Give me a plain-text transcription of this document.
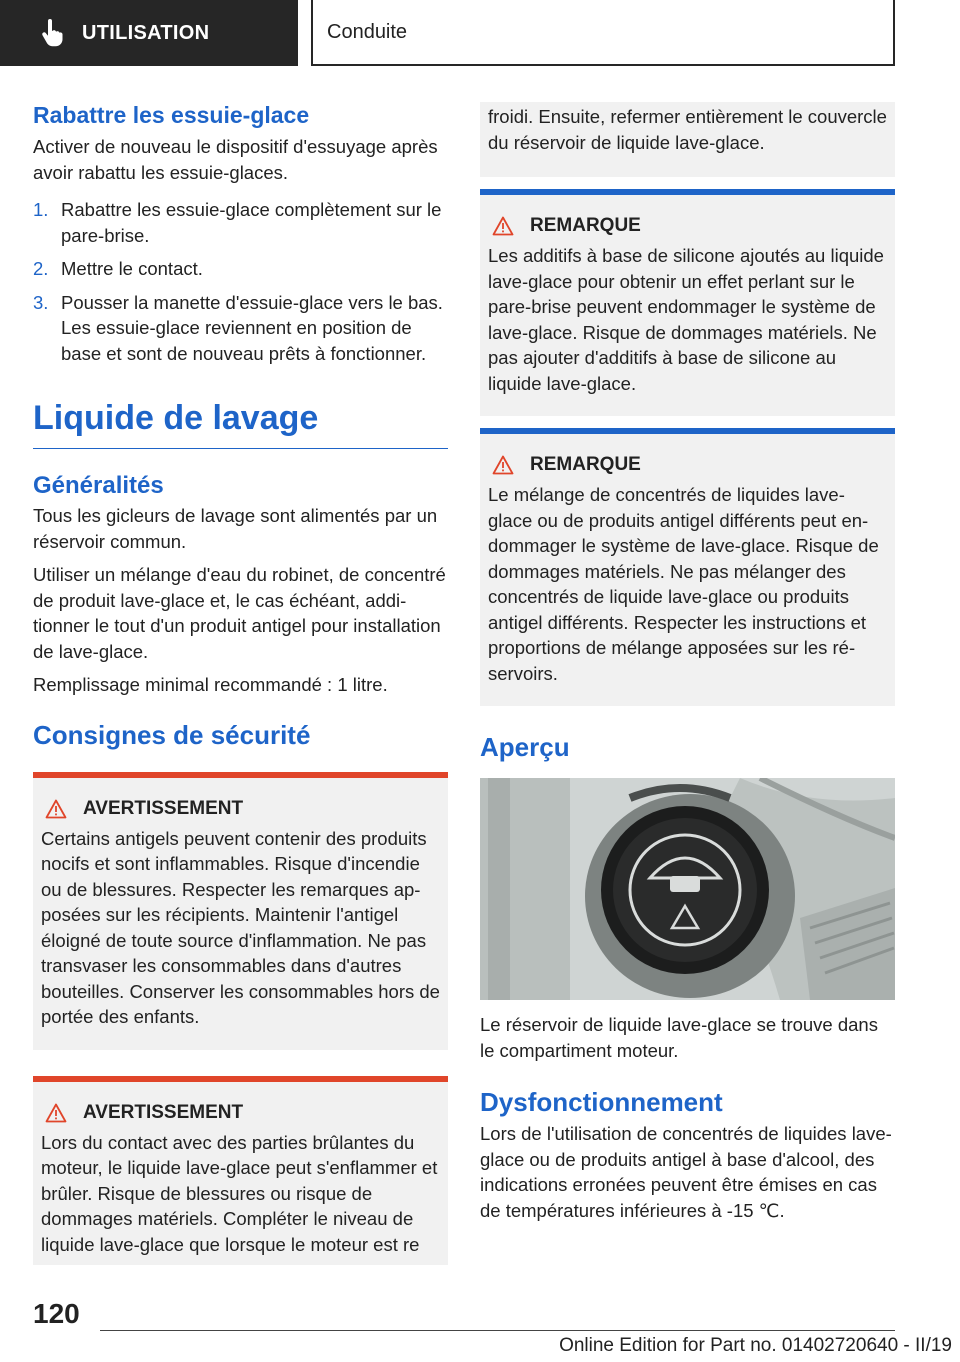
UTILISATION	Conduite
Rabattre les essuie-glace

Activer de nouveau le dispositif d'essuyage après avoir rabattu les essuie-glaces.

1. Rabattre les essuie-glace complètement sur le pare-brise.
2. Mettre le contact.
3. Pousser la manette d'essuie-glace vers le bas. Les essuie-glace reviennent en position de base et sont de nouveau prêts à fonctionner.
Liquide de lavage
Généralités

Tous les gicleurs de lavage sont alimentés par un réservoir commun.

Utiliser un mélange d'eau du robinet, de concentré de produit lave-glace et, le cas échéant, additionner le tout d'un produit antigel pour installation de lave-glace.

Remplissage minimal recommandé : 1 litre.

Consignes de sécurité
AVERTISSEMENT

Certains antigels peuvent contenir des produits nocifs et sont inflammables. Risque d'incendie ou de blessures. Respecter les remarques apposées sur les récipients. Maintenir l'antigel éloigné de toute source d'inflammation. Ne pas transvaser les consommables dans d'autres bouteilles. Conserver les consommables hors de portée des enfants.

AVERTISSEMENT

Lors du contact avec des parties brûlantes du moteur, le liquide lave-glace peut s'enflammer et brûler. Risque de blessures ou risque de dommages matériels. Compléter le niveau de liquide lave-glace que lorsque le moteur est re

froidi. Ensuite, refermer entièrement le couvercle du réservoir de liquide lave-glace.

REMARQUE

Les additifs à base de silicone ajoutés au liquide lave-glace pour obtenir un effet perlant sur le pare-brise peuvent endommager le système de lave-glace. Risque de dommages matériels. Ne pas ajouter d'additifs à base de silicone au liquide lave-glace.

REMARQUE

Le mélange de concentrés de liquides lave-glace ou de produits antigel différents peut endommager le système de lave-glace. Risque de dommages matériels. Ne pas mélanger des concentrés de liquide lave-glace ou produits antigel différents. Respecter les instructions et proportions de mélange apposées sur les réservoirs.

Aperçu

Le réservoir de liquide lave-glace se trouve dans le compartiment moteur.

Dysfonctionnement

Lors de l'utilisation de concentrés de liquides lave-glace ou de produits antigel à base d'alcool, des indications erronées peuvent être émises en cas de températures inférieures à -15 ℃.

120
Online Edition for Part no. 01402720640 - II/19
